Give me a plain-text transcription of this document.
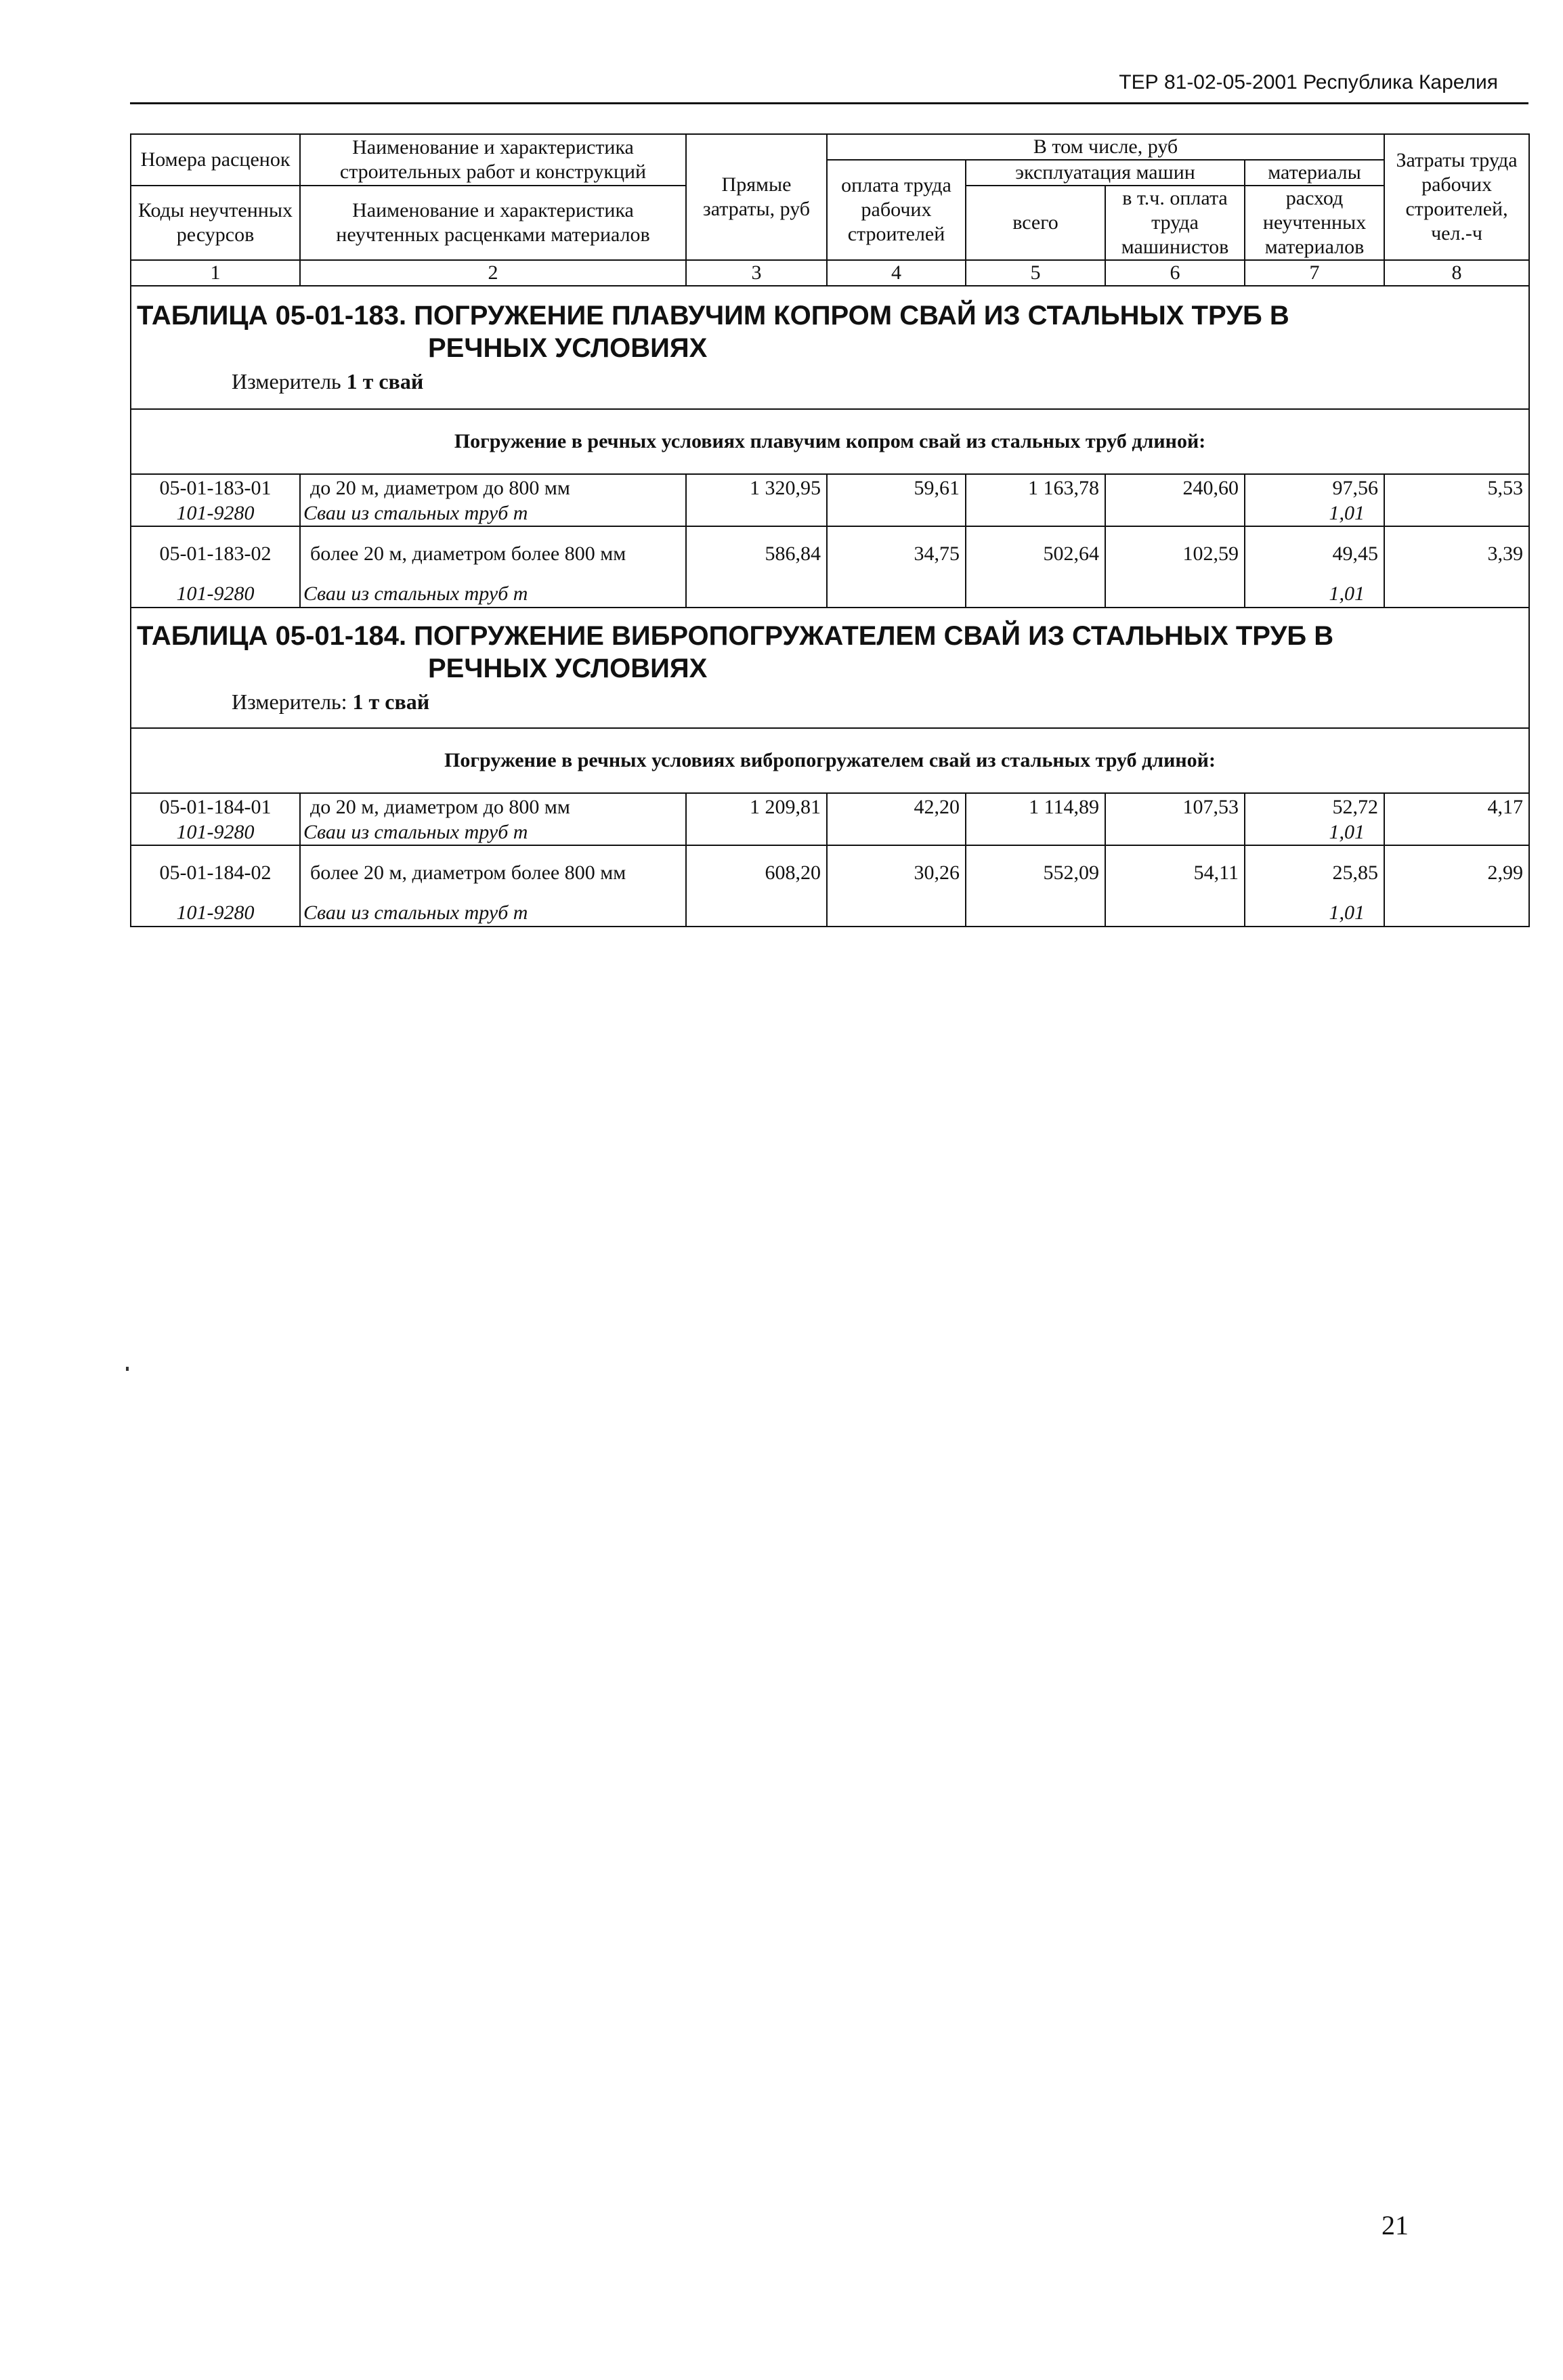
ТЕР 81-02-05-2001 Республика Карелия
Номера расценок	Наименование и характеристика строительных работ и конструкций	Прямые затраты, руб	В том числе, руб				Затраты труда рабочих строителей, чел.-ч
			оплата труда рабочих строителей	эксплуатация машин		материалы	
Коды неучтенных ресурсов	Наименование и характеристика неучтенных расценками материалов			всего	в т.ч. оплата труда машинистов	расход неучтенных материалов	

1	2	3	4	5	6	7	8

ТАБЛИЦА 05-01-183. ПОГРУЖЕНИЕ ПЛАВУЧИМ КОПРОМ СВАЙ ИЗ СТАЛЬНЫХ ТРУБ В
РЕЧНЫХ УСЛОВИЯХ
Измеритель 1 т свай							

Погружение в речных условиях плавучим копром свай из стальных труб длиной:							
05-01-183-01	до 20 м, диаметром до 800 мм	1 320,95	59,61	1 163,78	240,60	97,56	5,53
101-9280	Сваи из стальных труб т					1,01	
05-01-183-02	более 20 м, диаметром более 800 мм	586,84	34,75	502,64	102,59	49,45	3,39
101-9280	Сваи из стальных труб т					1,01	

ТАБЛИЦА 05-01-184. ПОГРУЖЕНИЕ ВИБРОПОГРУЖАТЕЛЕМ СВАЙ ИЗ СТАЛЬНЫХ ТРУБ В
РЕЧНЫХ УСЛОВИЯХ
Измеритель: 1 т свай							

Погружение в речных условиях вибропогружателем свай из стальных труб длиной:							
05-01-184-01	до 20 м, диаметром до 800 мм	1 209,81	42,20	1 114,89	107,53	52,72	4,17
101-9280	Сваи из стальных труб т					1,01	
05-01-184-02	более 20 м, диаметром более 800 мм	608,20	30,26	552,09	54,11	25,85	2,99
101-9280	Сваи из стальных труб т					1,01	
21
